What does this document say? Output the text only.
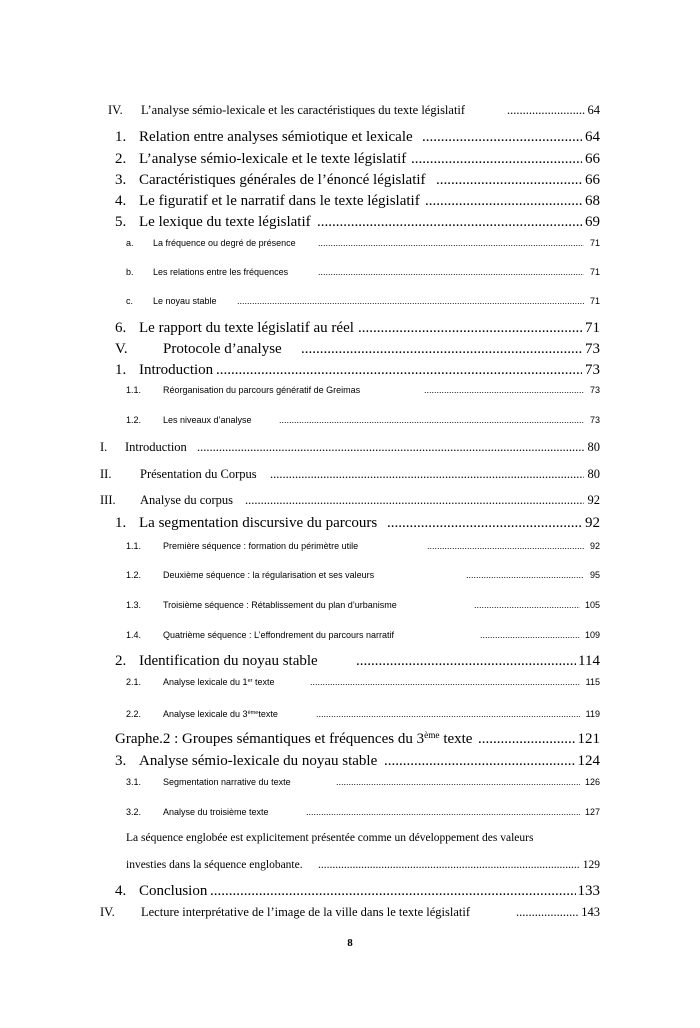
IV. L’analyse sémio-lexicale et les caractéristiques du texte législatif .....	64
1. Relation entre analyses sémiotique et lexicale .....	64
2. L’analyse sémio-lexicale et le texte législatif .....	66
3. Caractéristiques générales de l’énoncé législatif .....	66
4. Le figuratif et le narratif dans le texte législatif .....	68
5. Le lexique du texte législatif .....	69
a. La fréquence ou degré de présence .....	71
b. Les relations entre les fréquences .....	71
c. Le noyau stable .....	71
6. Le rapport du texte législatif au réel .....	71
V. Protocole d’analyse .....	73
1. Introduction .....	73
1.1. Réorganisation du parcours génératif de Greimas .....	73
1.2. Les niveaux d’analyse .....	73
I. Introduction .....	80
II. Présentation du Corpus .....	80
III. Analyse du corpus .....	92
1. La segmentation discursive du parcours .....	92
1.1. Première séquence : formation du périmètre utile .....	92
1.2. Deuxième séquence : la régularisation et ses valeurs .....	95
1.3. Troisième séquence : Rétablissement du plan d’urbanisme .....	105
1.4. Quatrième séquence : L’effondrement du parcours narratif .....	109
2. Identification du noyau stable .....	114
2.1. Analyse lexicale du 1er texte .....	115
2.2. Analyse lexicale du 3èmetexte .....	119
Graphe.2 : Groupes sémantiques et fréquences du 3ème texte .....	121
3. Analyse sémio-lexicale du noyau stable .....	124
3.1. Segmentation narrative du texte .....	126
3.2. Analyse du troisième texte .....	127
La séquence englobée est explicitement présentée comme un développement des valeurs
investies dans la séquence englobante. .....	129
4. Conclusion .....	133
IV. Lecture interprétative de l’image de la ville dans le texte législatif .....	143
8
